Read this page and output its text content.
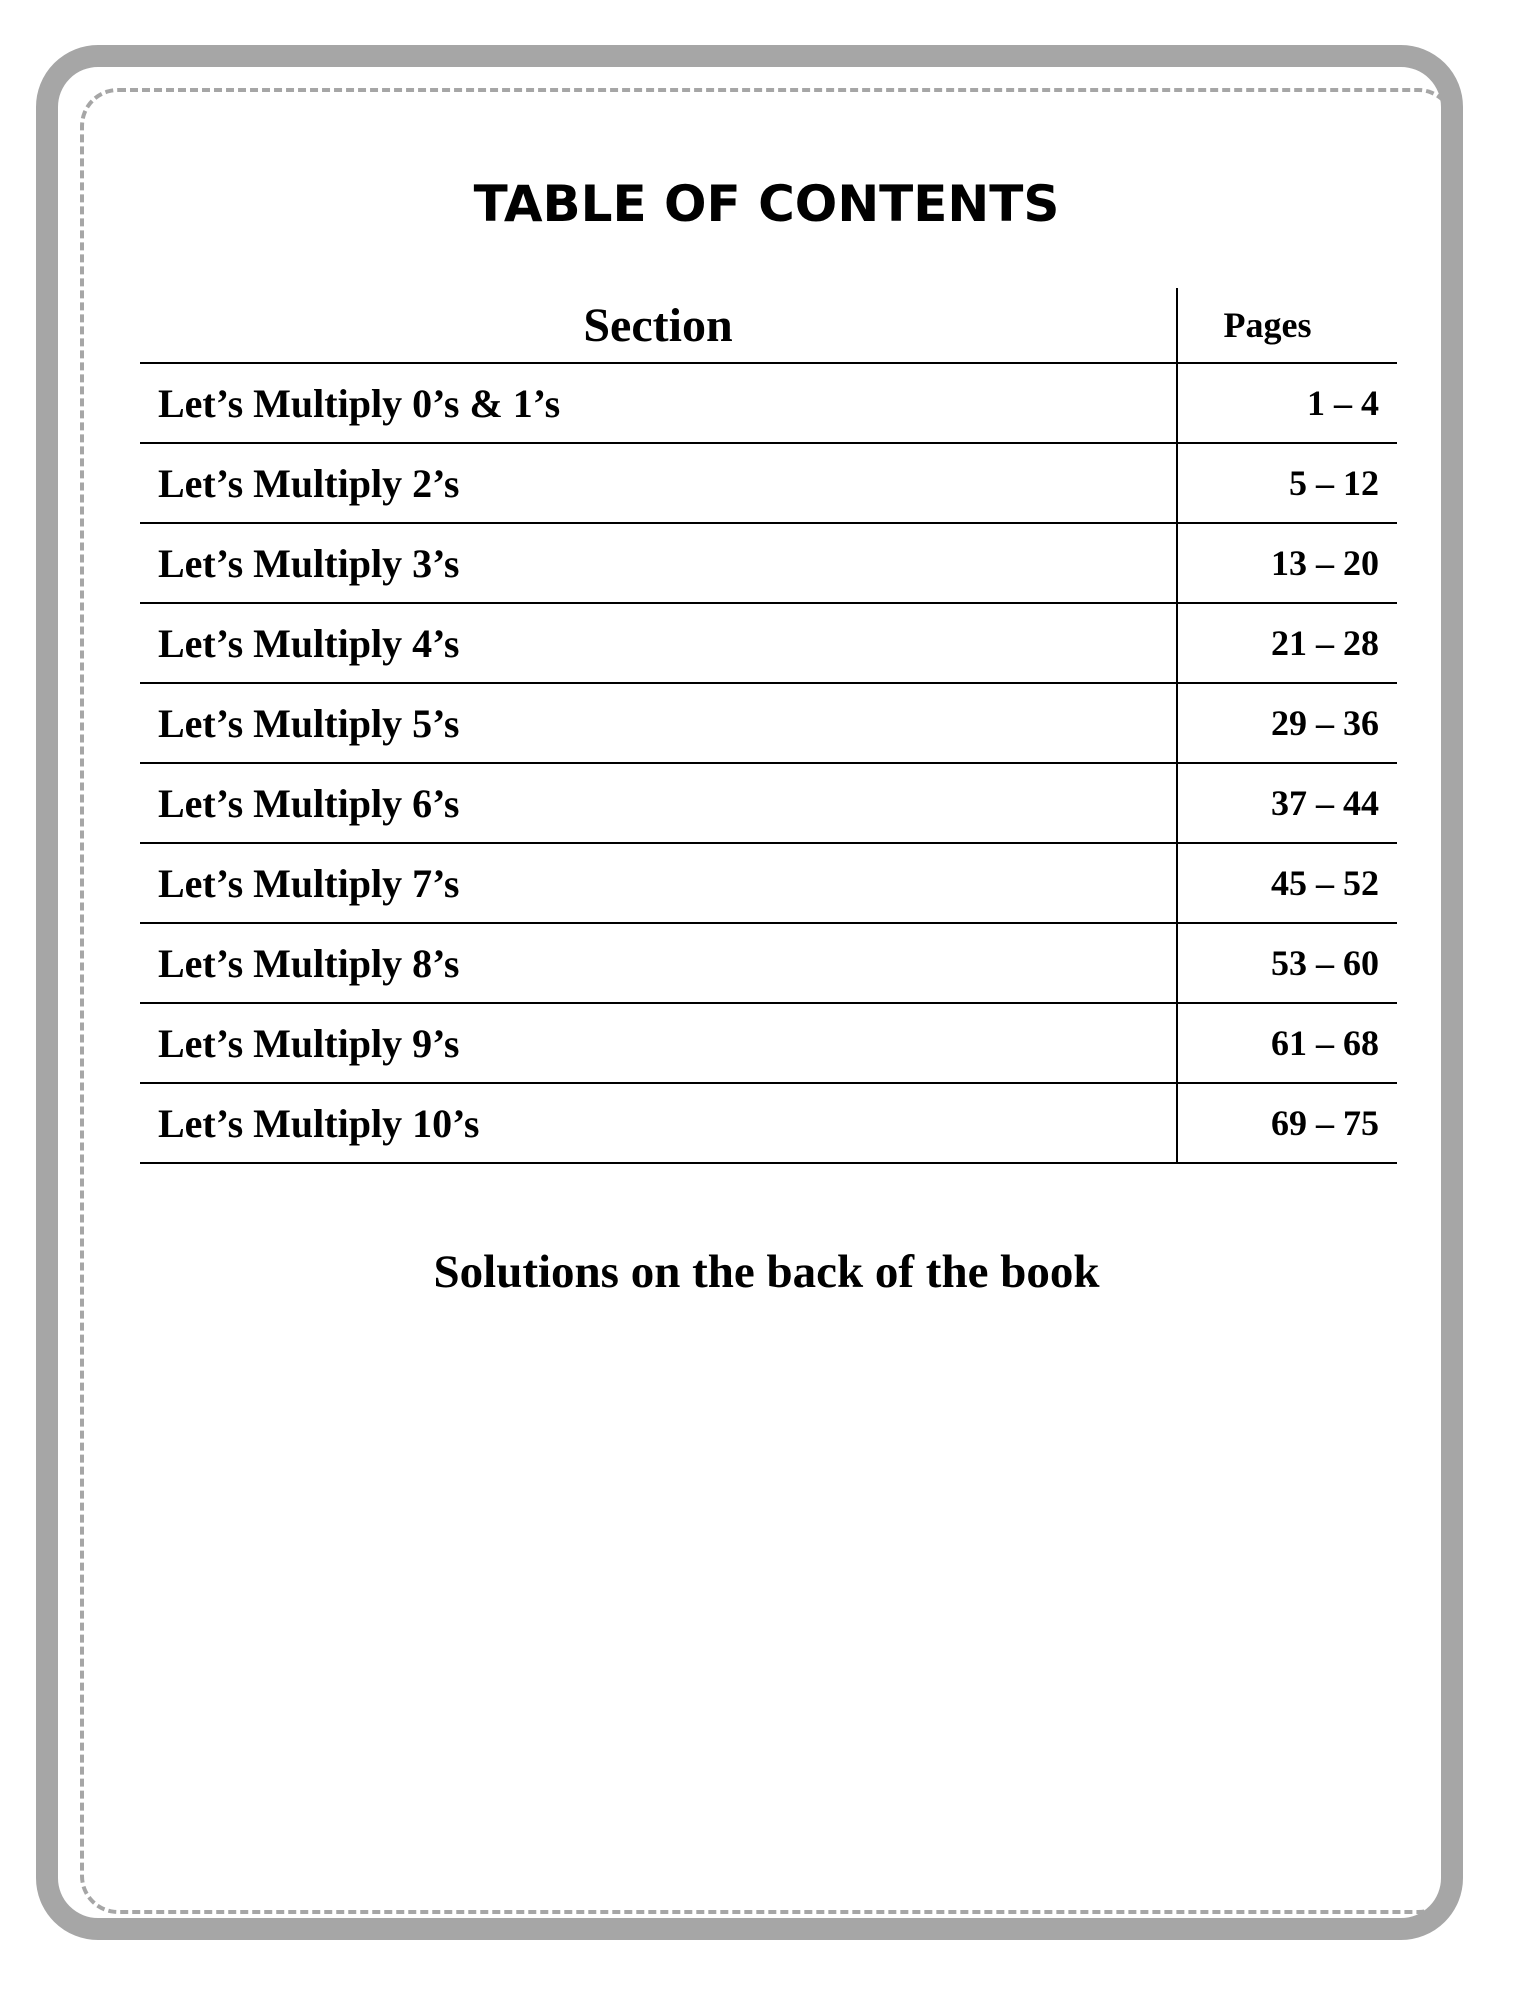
TABLE OF CONTENTS
Section	Pages
Let’s Multiply 0’s & 1’s	1 – 4
Let’s Multiply 2’s	5 – 12
Let’s Multiply 3’s	13 – 20
Let’s Multiply 4’s	21 – 28
Let’s Multiply 5’s	29 – 36
Let’s Multiply 6’s	37 – 44
Let’s Multiply 7’s	45 – 52
Let’s Multiply 8’s	53 – 60
Let’s Multiply 9’s	61 – 68
Let’s Multiply 10’s	69 – 75

Solutions on the back of the book
